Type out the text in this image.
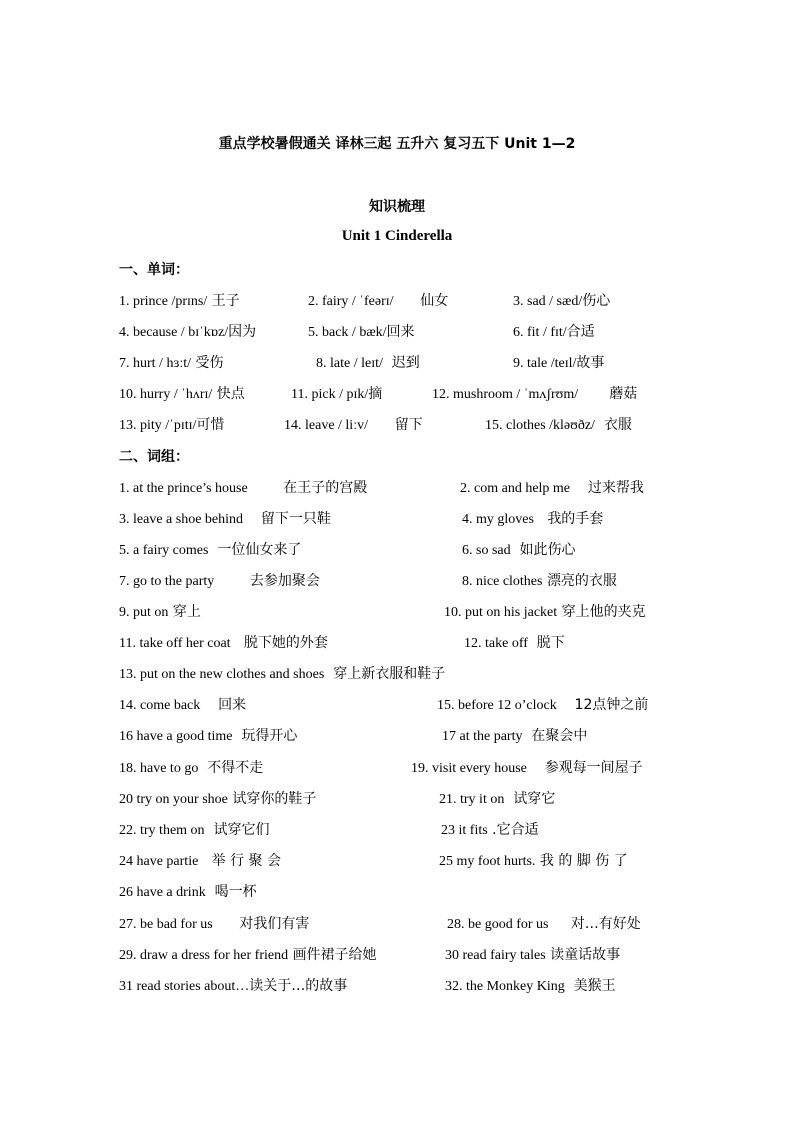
重点学校暑假通关 译林三起 五升六 复习五下 Unit 1—2
知识梳理
Unit 1 Cinderella
一、单词：
1. prince /prɪns/ 王子	2. fairy / ˈfeərɪ/ 仙女	3. sad / sæd/伤心
4. because / bɪˈkɒz/因为	5. back / bæk/回来	6. fit / fɪt/合适
7. hurt / hɜːt/ 受伤	8. late / leɪt/ 迟到	9. tale /teɪl/故事
10. hurry / ˈhʌrɪ/ 快点	11. pick / pɪk/摘	12. mushroom / ˈmʌʃrʊm/ 蘑菇
13. pity /ˈpɪtɪ/可惜	14. leave / liːv/ 留下	15. clothes /kləʊðz/ 衣服
二、词组：
1. at the prince’s house	在王子的宫殿	2. com and help me 过来帮我
3. leave a shoe behind 留下一只鞋	4. my gloves 我的手套
5. a fairy comes 一位仙女来了	6. so sad 如此伤心
7. go to the party	去参加聚会	8. nice clothes 漂亮的衣服
9. put on 穿上	10. put on his jacket 穿上他的夹克
11. take off her coat 脱下她的外套	12. take off 脱下
13. put on the new clothes and shoes 穿上新衣服和鞋子
14. come back 回来	15. before 12 o’clock 12点钟之前
16 have a good time 玩得开心	17 at the party 在聚会中
18. have to go 不得不走	19. visit every house 参观每一间屋子
20 try on your shoe 试穿你的鞋子	21. try it on 试穿它
22. try them on 试穿它们	23 it fits .它合适
24 have partie 举 行 聚 会	25 my foot hurts. 我 的 脚 伤 了
26 have a drink 喝一杯
27. be bad for us 对我们有害	28. be good for us 对…有好处
29. draw a dress for her friend 画件裙子给她	30 read fairy tales 读童话故事
31 read stories about…读关于…的故事	32. the Monkey King 美猴王
